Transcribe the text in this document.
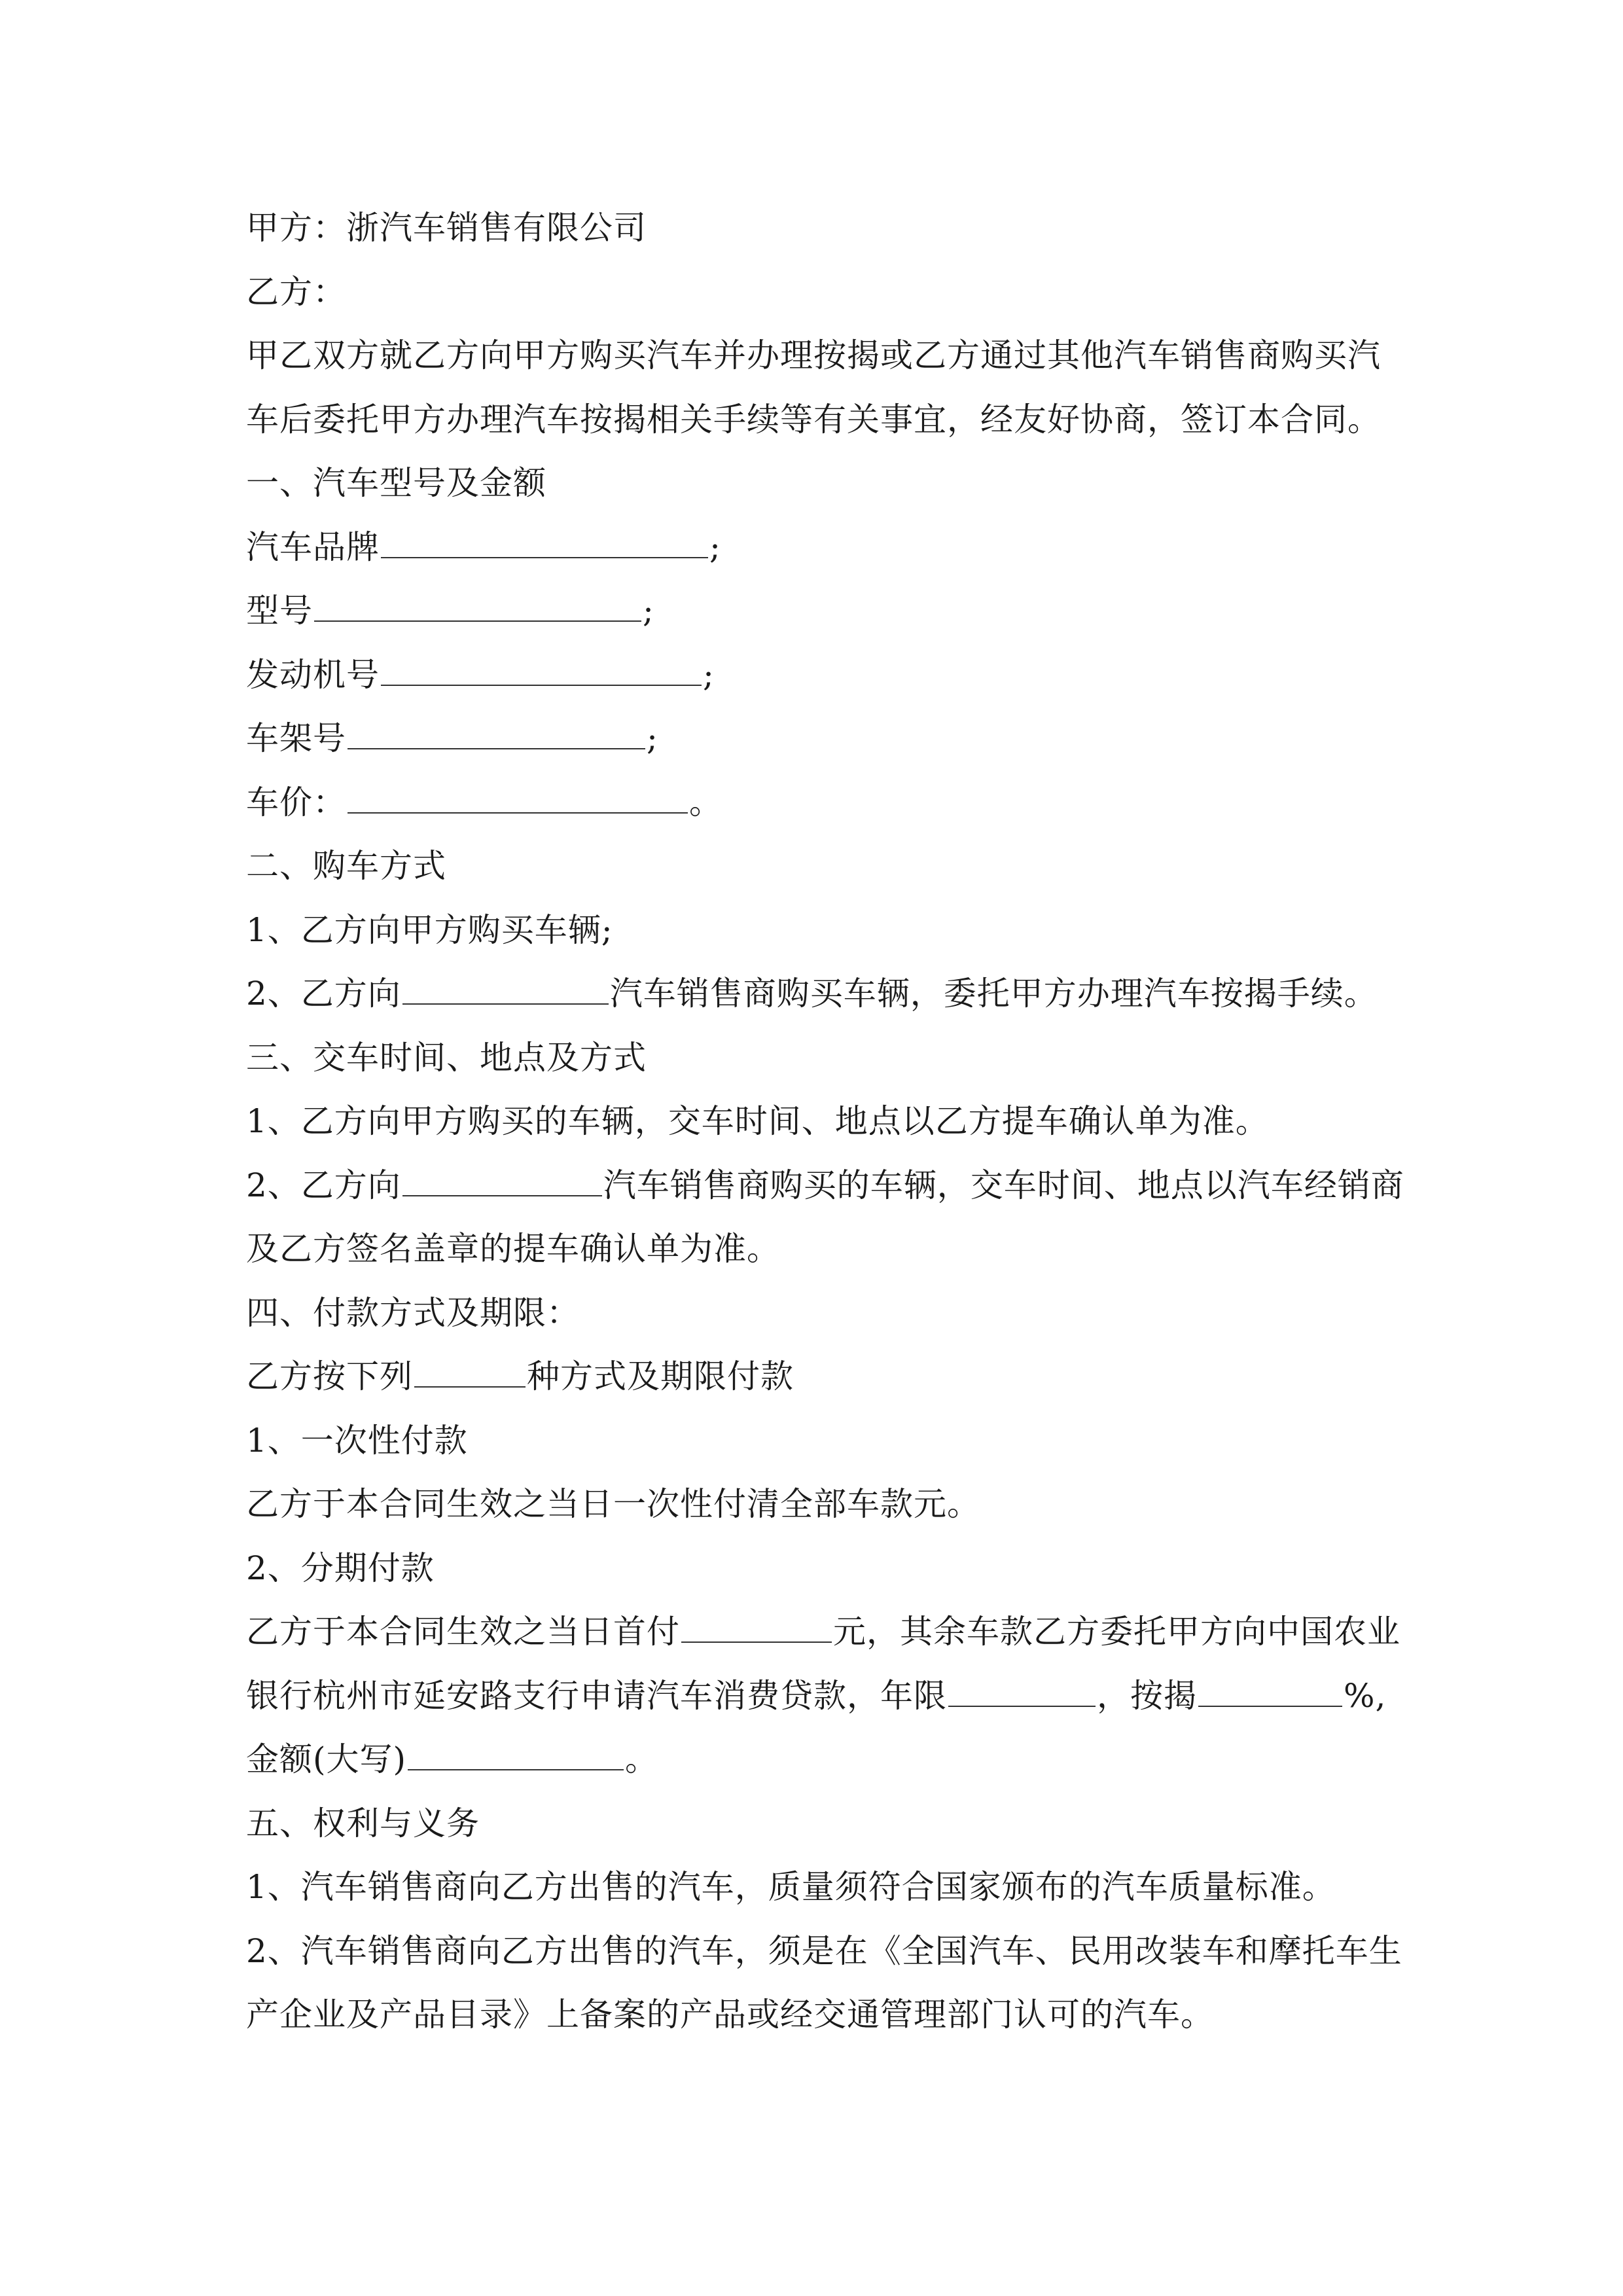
甲方：浙汽车销售有限公司
乙方：
甲乙双方就乙方向甲方购买汽车并办理按揭或乙方通过其他汽车销售商购买汽
车后委托甲方办理汽车按揭相关手续等有关事宜，经友好协商，签订本合同。
一、汽车型号及金额
汽车品牌	;
型号	;
发动机号	;
车架号	;
车价：	。
二、购车方式
1、乙方向甲方购买车辆;
2、乙方向	汽车销售商购买车辆，委托甲方办理汽车按揭手续。
三、交车时间、地点及方式
1、乙方向甲方购买的车辆，交车时间、地点以乙方提车确认单为准。
2、乙方向	汽车销售商购买的车辆，交车时间、地点以汽车经销商
及乙方签名盖章的提车确认单为准。
四、付款方式及期限：
乙方按下列	种方式及期限付款
1、一次性付款
乙方于本合同生效之当日一次性付清全部车款元。
2、分期付款
乙方于本合同生效之当日首付	元，其余车款乙方委托甲方向中国农业
银行杭州市延安路支行申请汽车消费贷款，年限	，按揭	%,
金额(大写)	。
五、权利与义务
1、汽车销售商向乙方出售的汽车，质量须符合国家颁布的汽车质量标准。
2、汽车销售商向乙方出售的汽车，须是在《全国汽车、民用改装车和摩托车生
产企业及产品目录》上备案的产品或经交通管理部门认可的汽车。
